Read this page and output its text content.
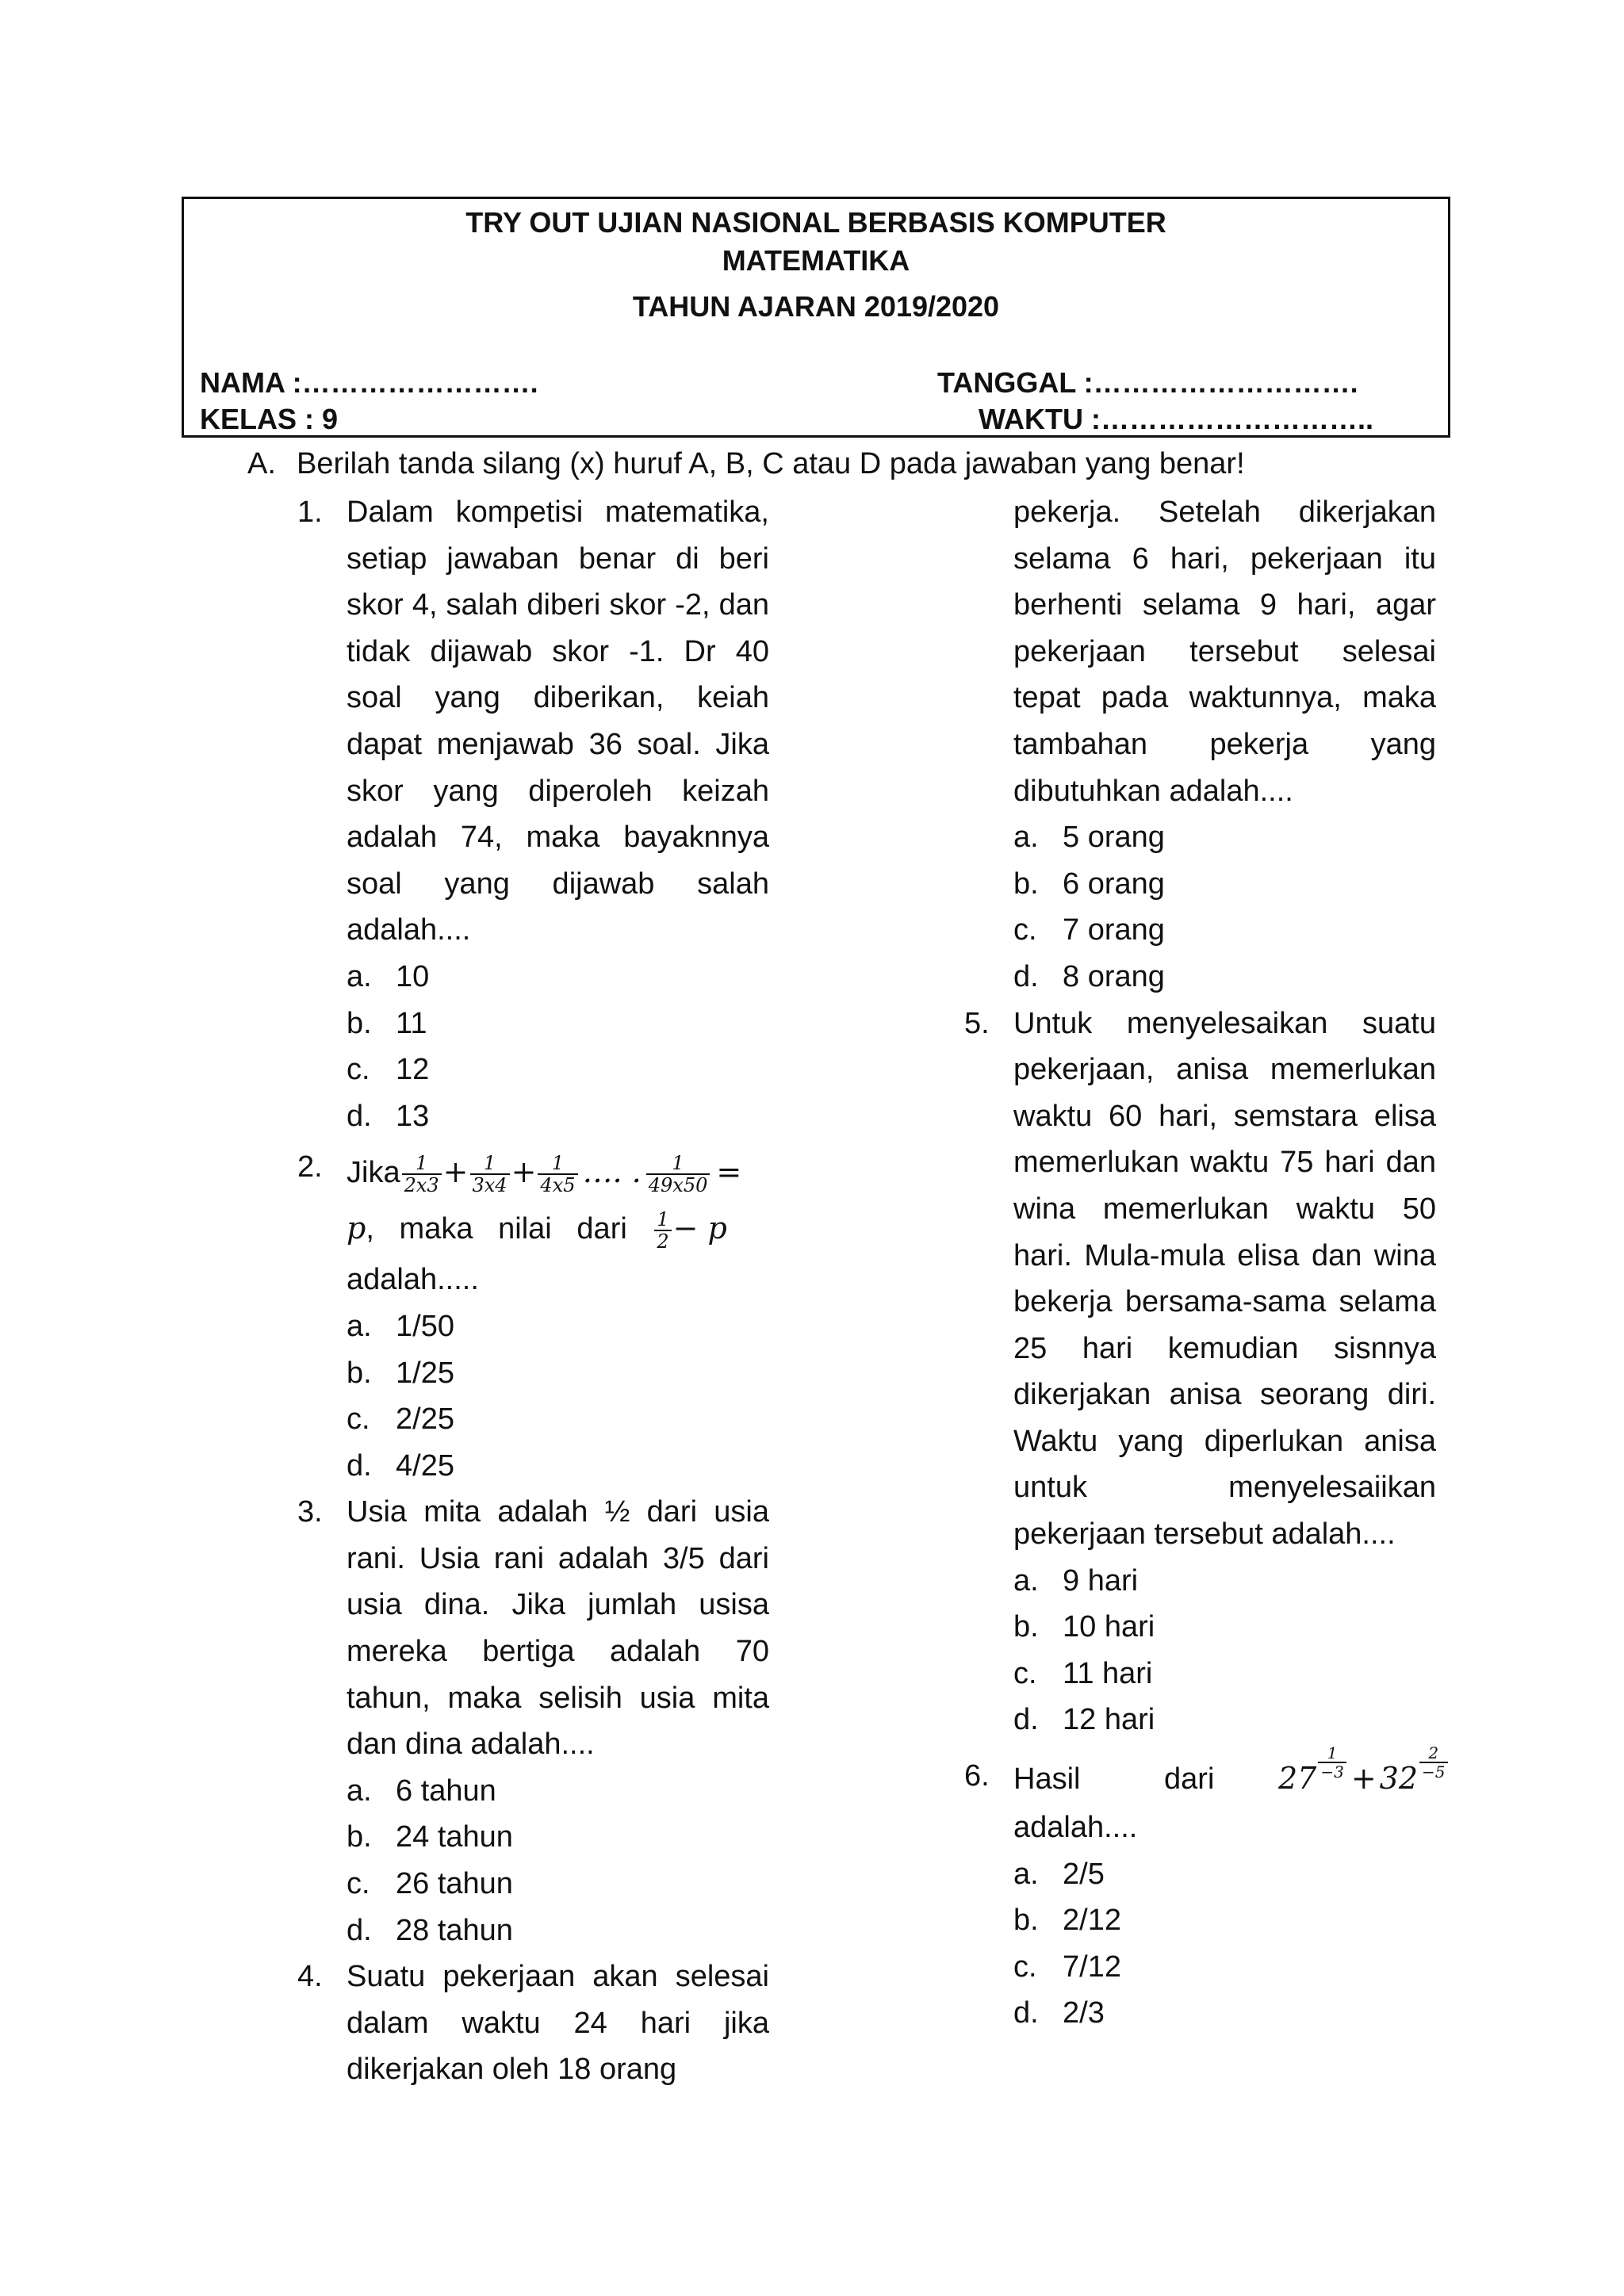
TRY OUT UJIAN NASIONAL BERBASIS KOMPUTER
MATEMATIKA
TAHUN AJARAN 2019/2020
NAMA :…………………….
KELAS : 9
TANGGAL :……………………….
WAKTU :………………………..
A. Berilah tanda silang (x) huruf A, B, C atau D pada jawaban yang benar!
1. Dalam kompetisi matematika, setiap jawaban benar di beri skor 4, salah diberi skor -2, dan tidak dijawab skor -1. Dr 40 soal yang diberikan, keiah dapat menjawab 36 soal. Jika skor yang diperoleh keizah adalah 74, maka bayaknnya soal yang dijawab salah adalah....
a. 10
b. 11
c. 12
d. 13
2. Jika $\frac{1}{2x3} + \frac{1}{3x4} + \frac{1}{4x5}$ …. . $\frac{1}{49x50}$ =
p,   maka   nilai   dari $\frac{1}{2} - p$
adalah.....
a. 1/50
b. 1/25
c. 2/25
d. 4/25
3. Usia mita adalah ½ dari usia rani. Usia rani adalah 3/5 dari usia dina. Jika jumlah usisa mereka bertiga adalah 70 tahun, maka selisih usia mita dan dina adalah....
a. 6 tahun
b. 24 tahun
c. 26 tahun
d. 28 tahun
4. Suatu pekerjaan akan selesai dalam waktu 24 hari jika dikerjakan oleh 18 orang
pekerja. Setelah dikerjakan selama 6 hari, pekerjaan itu berhenti selama 9 hari, agar pekerjaan tersebut selesai tepat pada waktunnya, maka tambahan pekerja yang dibutuhkan adalah....
a. 5 orang
b. 6 orang
c. 7 orang
d. 8 orang
5. Untuk menyelesaikan suatu pekerjaan, anisa memerlukan waktu 60 hari, semstara elisa memerlukan waktu 75 hari dan wina memerlukan waktu 50 hari. Mula-mula elisa dan wina bekerja bersama-sama selama 25 hari kemudian sisnnya dikerjakan anisa seorang diri. Waktu yang diperlukan anisa untuk menyelesaiikan pekerjaan tersebut adalah....
a. 9 hari
b. 10 hari
c. 11 hari
d. 12 hari
6. Hasil          dari 27 $^{\frac{1}{-3}}$ + 32 $^{\frac{2}{-5}}$
adalah....
a. 2/5
b. 2/12
c. 7/12
d. 2/3
